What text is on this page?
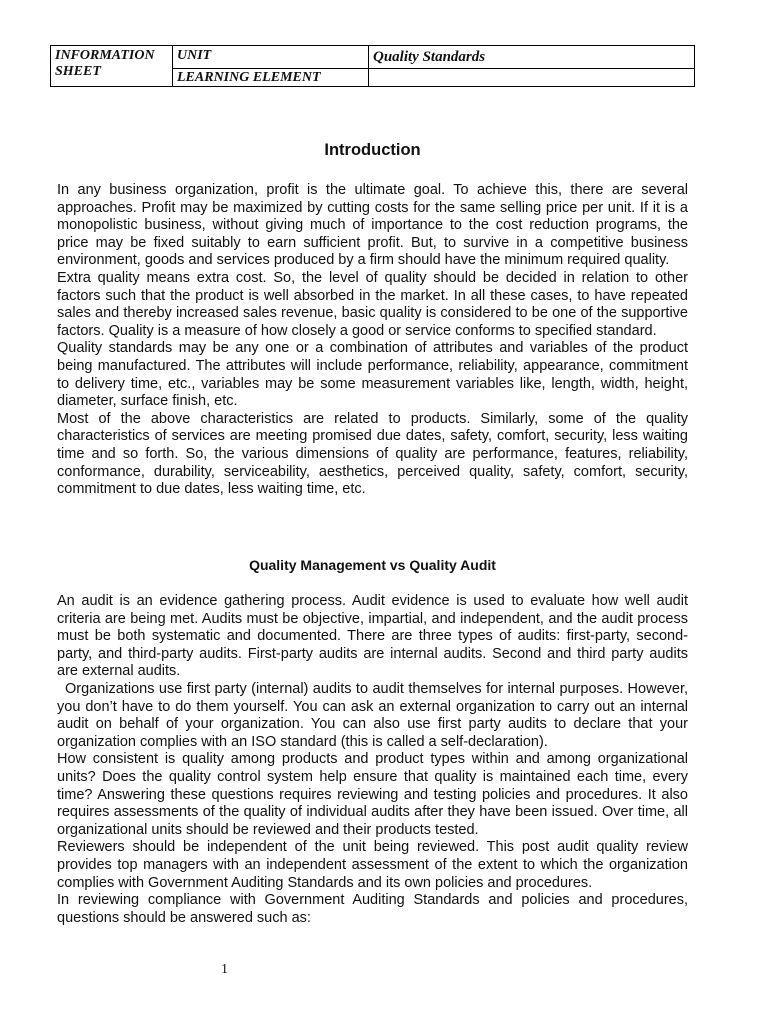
INFORMATION
SHEET	UNIT	Quality Standards
	LEARNING ELEMENT	
Introduction

In any business organization, profit is the ultimate goal. To achieve this, there are several approaches. Profit may be maximized by cutting costs for the same selling price per unit. If it is a monopolistic business, without giving much of importance to the cost reduction programs, the price may be fixed suitably to earn sufficient profit. But, to survive in a competitive business environment, goods and services produced by a firm should have the minimum required quality.

Extra quality means extra cost. So, the level of quality should be decided in relation to other factors such that the product is well absorbed in the market. In all these cases, to have repeated sales and thereby increased sales revenue, basic quality is considered to be one of the supportive factors. Quality is a measure of how closely a good or service conforms to specified standard.

Quality standards may be any one or a combination of attributes and variables of the product being manufactured. The attributes will include performance, reliability, appearance, commitment to delivery time, etc., variables may be some measurement variables like, length, width, height, diameter, surface finish, etc.

Most of the above characteristics are related to products. Similarly, some of the quality characteristics of services are meeting promised due dates, safety, comfort, security, less waiting time and so forth. So, the various dimensions of quality are performance, features, reliability, conformance, durability, serviceability, aesthetics, perceived quality, safety, comfort, security, commitment to due dates, less waiting time, etc.

Quality Management vs Quality Audit

An audit is an evidence gathering process. Audit evidence is used to evaluate how well audit criteria are being met. Audits must be objective, impartial, and independent, and the audit process must be both systematic and documented. There are three types of audits: first-party, second-party, and third-party audits. First-party audits are internal audits. Second and third party audits are external audits.

Organizations use first party (internal) audits to audit themselves for internal purposes. However, you don’t have to do them yourself. You can ask an external organization to carry out an internal audit on behalf of your organization. You can also use first party audits to declare that your organization complies with an ISO standard (this is called a self-declaration).

How consistent is quality among products and product types within and among organizational units? Does the quality control system help ensure that quality is maintained each time, every time? Answering these questions requires reviewing and testing policies and procedures. It also requires assessments of the quality of individual audits after they have been issued. Over time, all organizational units should be reviewed and their products tested.

Reviewers should be independent of the unit being reviewed. This post audit quality review provides top managers with an independent assessment of the extent to which the organization complies with Government Auditing Standards and its own policies and procedures.

In reviewing compliance with Government Auditing Standards and policies and procedures, questions should be answered such as:

1
